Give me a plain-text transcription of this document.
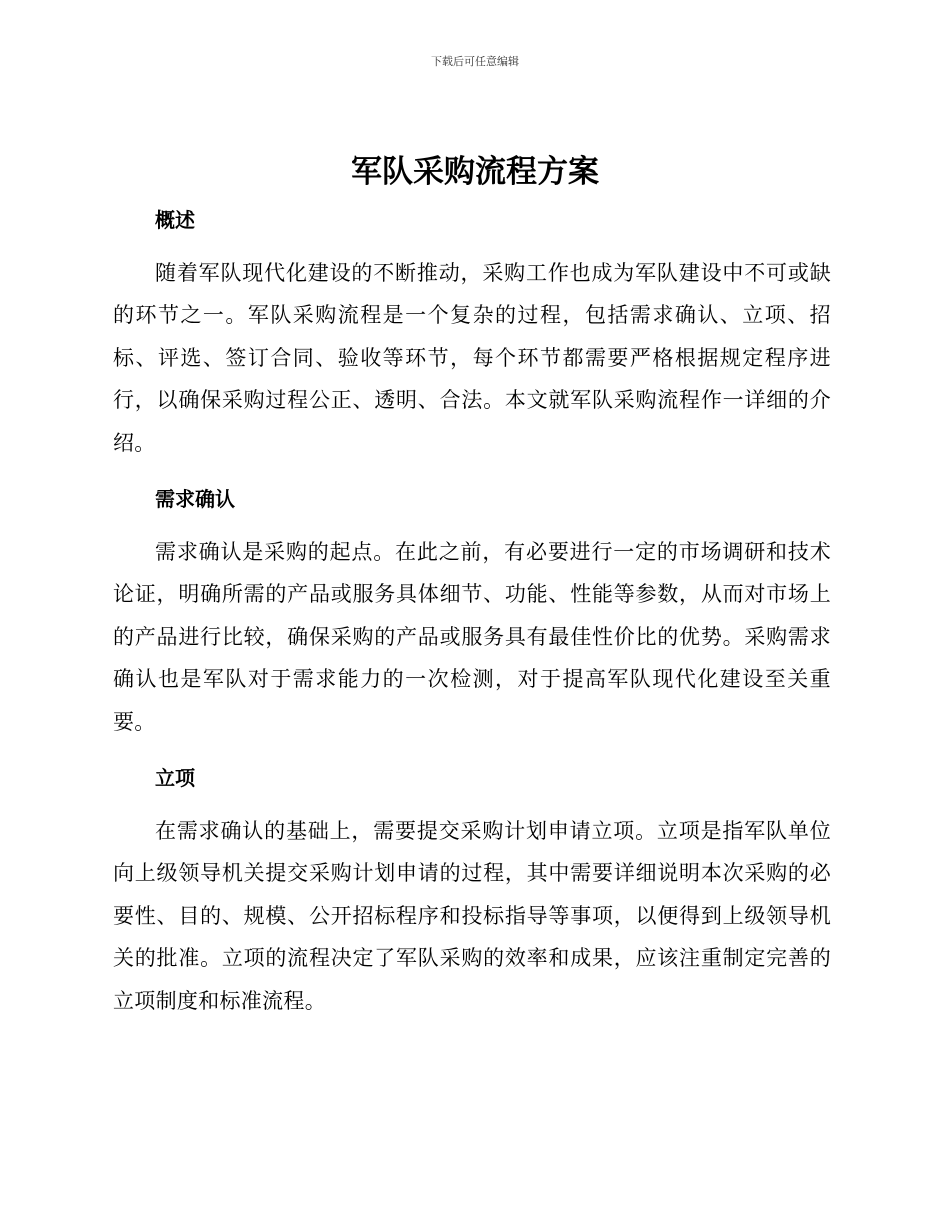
下载后可任意编辑
军队采购流程方案
概述

随着军队现代化建设的不断推动，采购工作也成为军队建设中不可或缺的环节之一。军队采购流程是一个复杂的过程，包括需求确认、立项、招标、评选、签订合同、验收等环节，每个环节都需要严格根据规定程序进行，以确保采购过程公正、透明、合法。本文就军队采购流程作一详细的介绍。

需求确认

需求确认是采购的起点。在此之前，有必要进行一定的市场调研和技术论证，明确所需的产品或服务具体细节、功能、性能等参数，从而对市场上的产品进行比较，确保采购的产品或服务具有最佳性价比的优势。采购需求确认也是军队对于需求能力的一次检测，对于提高军队现代化建设至关重要。

立项

在需求确认的基础上，需要提交采购计划申请立项。立项是指军队单位向上级领导机关提交采购计划申请的过程，其中需要详细说明本次采购的必要性、目的、规模、公开招标程序和投标指导等事项，以便得到上级领导机关的批准。立项的流程决定了军队采购的效率和成果，应该注重制定完善的立项制度和标准流程。
